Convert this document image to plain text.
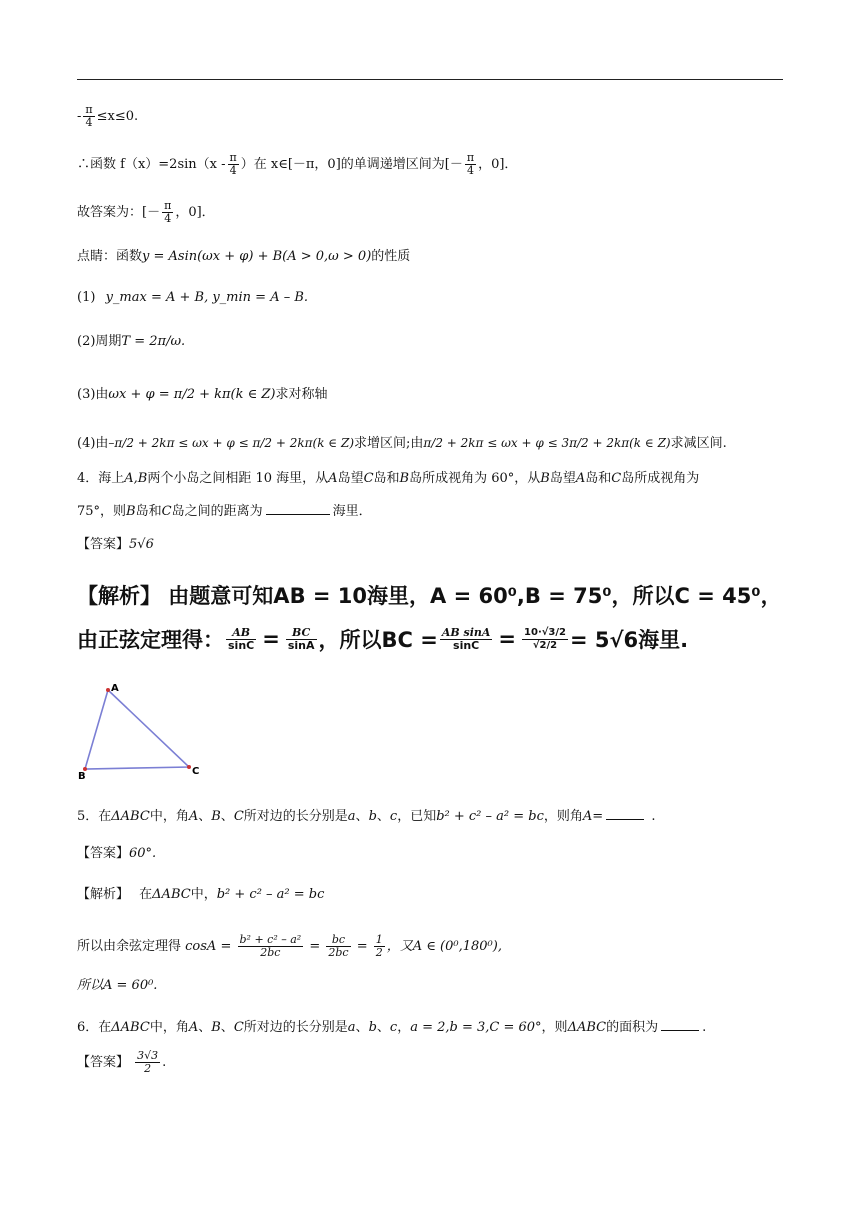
- $\frac{\pi}{4} \le x\le 0$.
∴函数 $f(x)=2\sin(x - \frac{\pi}{4}$ ）在 x∈[－π，0]的单调递增区间为[－ $\frac{\pi}{4}$ ，0]．
故答案为：[－ $\frac{\pi}{4}$ ，0]．
点睛：函数y = Asin(ωx + φ) + B(A > 0,ω > 0)的性质
(1) y_max = A + B, y_min = A – B.
(2)周期T = 2π/ω.
(3)由ωx + φ = π/2 + kπ(k ∈ Z)求对称轴
(4)由–π/2 + 2kπ ≤ ωx + φ ≤ π/2 + 2kπ(k ∈ Z)求增区间;由π/2 + 2kπ ≤ ωx + φ ≤ 3π/2 + 2kπ(k ∈ Z)求减区间.
4．海上A,B两个小岛之间相距 10 海里，从A岛望C岛和B岛所成视角为 60°，从B岛望A岛和C岛所成视角为
75°，则B岛和C岛之间的距离为	海里．
【答案】5√6
【解析】 由题意可知AB = 10海里，A = 60⁰,B = 75⁰，所以C = 45⁰，
由正弦定理得： $\frac{AB}{\sin C} = \frac{BC}{\sin A}$ ，所以BC = $\frac{\text{AB sinA}}{\sin C} = \frac{10\cdot√3/2}{√2/2} = 5√6$海里.
A
B	C
5．在ΔABC中，角A、B、C所对边的长分别是a、b、c，已知b² + c² – a² = bc，则角A=	.
【答案】60°.
【解析】 在ΔABC中，b² + c² – a² = bc
所以由余弦定理得 $\cos A = \frac{\text{b² + c² – a²}}{2bc} = \frac{bc}{2bc} = \frac{1}{2}$ ，又A ∈ (0⁰,180⁰),
所以A = 60⁰.
6．在ΔABC中，角A、B、C所对边的长分别是a、b、c，a = 2,b = 3,C = 60°，则ΔABC的面积为	.
【答案】 $\frac{3√3}{2}$ .
